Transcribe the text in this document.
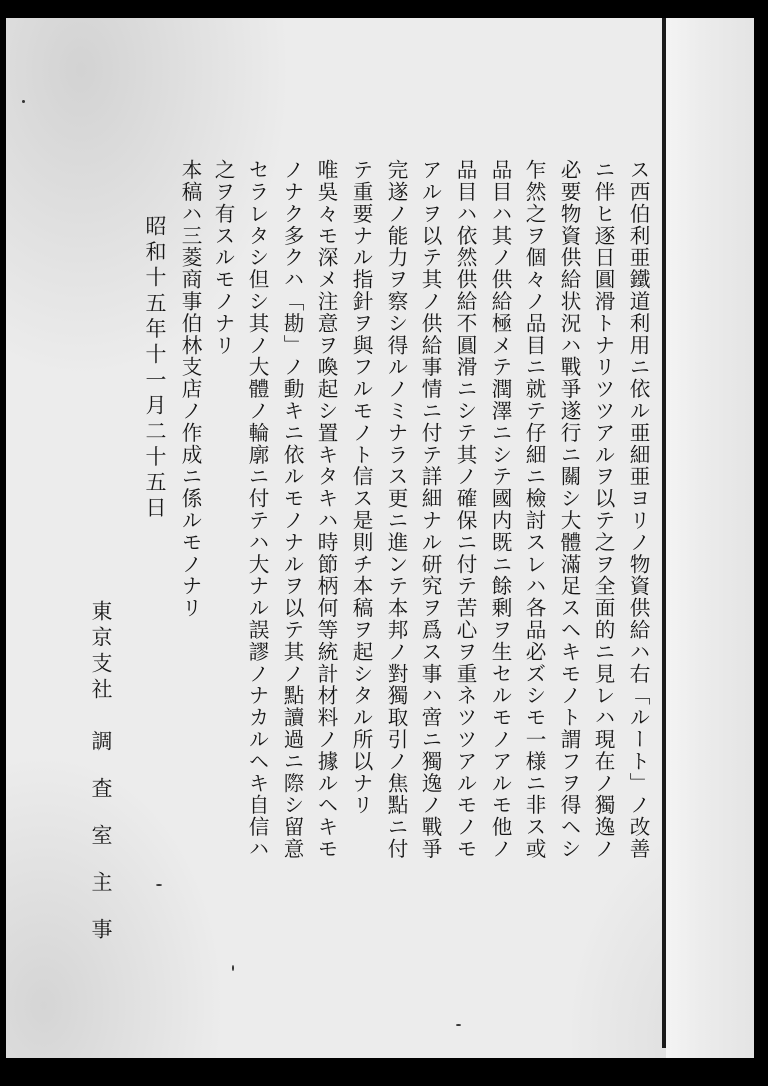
ス西伯利亜鐵道利用ニ依ル亜細亜ヨリノ物資供給ハ右「ルート」ノ改善
ニ伴ヒ逐日圓滑トナリツツアルヲ以テ之ヲ全面的ニ見レハ現在ノ獨逸ノ
必要物資供給状況ハ戰爭遂行ニ關シ大體滿足スヘキモノト謂フヲ得ヘシ
乍然之ヲ個々ノ品目ニ就テ仔細ニ檢討スレハ各品必ズシモ一様ニ非ス或
品目ハ其ノ供給極メテ潤澤ニシテ國内既ニ餘剰ヲ生セルモノアルモ他ノ
品目ハ依然供給不圓滑ニシテ其ノ確保ニ付テ苦心ヲ重ネツツアルモノモ
アルヲ以テ其ノ供給事情ニ付テ詳細ナル研究ヲ爲ス事ハ啻ニ獨逸ノ戰爭
完遂ノ能力ヲ察シ得ルノミナラス更ニ進ンテ本邦ノ對獨取引ノ焦點ニ付
テ重要ナル指針ヲ與フルモノト信ス是則チ本稿ヲ起シタル所以ナリ
唯吳々モ深メ注意ヲ喚起シ置キタキハ時節柄何等統計材料ノ據ルヘキモ
ノナク多クハ「勘」ノ動キニ依ルモノナルヲ以テ其ノ點讀過ニ際シ留意
セラレタシ但シ其ノ大體ノ輪廓ニ付テハ大ナル誤謬ノナカルヘキ自信ハ
之ヲ有スルモノナリ
本稿ハ三菱商事伯林支店ノ作成ニ係ルモノナリ
昭和十五年十一月二十五日
東京支社
調査室主事
